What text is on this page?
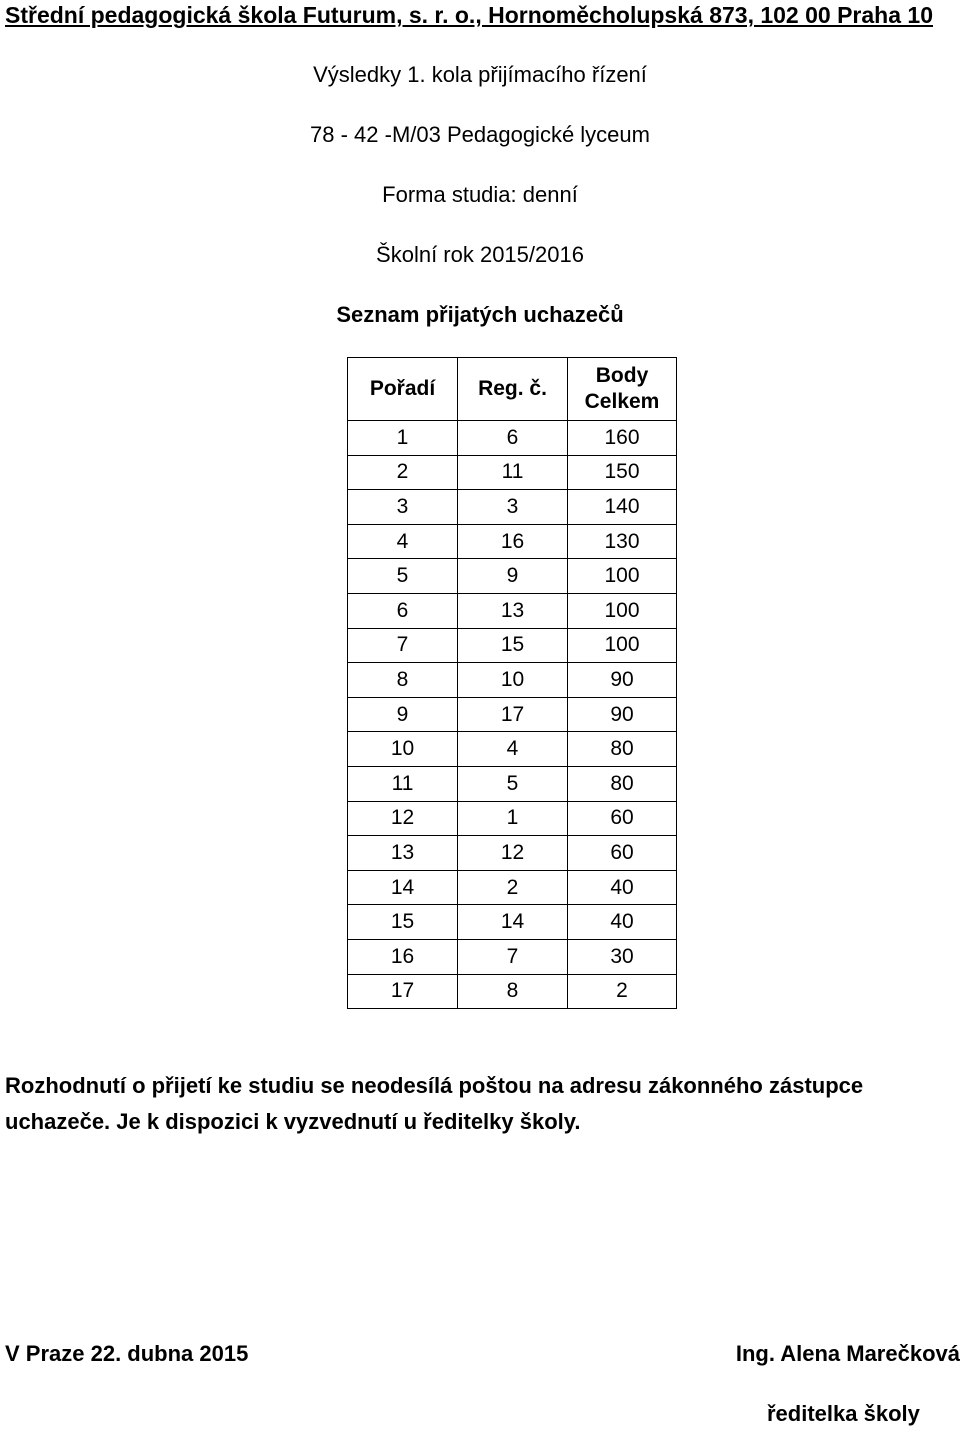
Střední pedagogická škola Futurum, s. r. o., Hornoměcholupská 873, 102 00 Praha 10
Výsledky 1. kola přijímacího řízení
78 - 42 -M/03 Pedagogické lyceum
Forma studia: denní
Školní rok 2015/2016
Seznam přijatých uchazečů
Pořadí	Reg. č.	Body Celkem
1	6	160
2	11	150
3	3	140
4	16	130
5	9	100
6	13	100
7	15	100
8	10	90
9	17	90
10	4	80
11	5	80
12	1	60
13	12	60
14	2	40
15	14	40
16	7	30
17	8	2
Rozhodnutí o přijetí ke studiu se neodesílá poštou na adresu zákonného zástupce uchazeče. Je k dispozici k vyzvednutí u ředitelky školy.
V Praze 22. dubna 2015	Ing. Alena Marečková
ředitelka školy
